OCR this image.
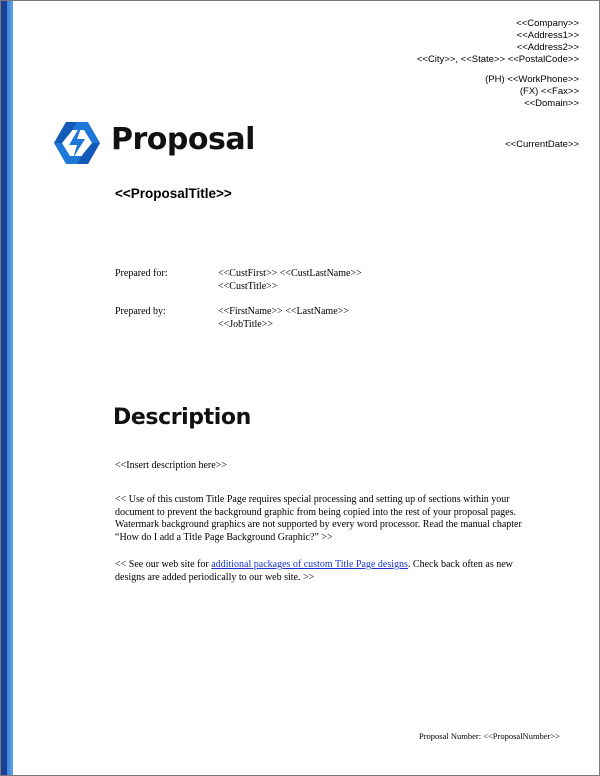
<<Company>>
<<Address1>>
<<Address2>>
<<City>>, <<State>> <<PostalCode>>
(PH) <<WorkPhone>>
(FX) <<Fax>>
<<Domain>>
Proposal	<<CurrentDate>>
<<ProposalTitle>>
Prepared for:	<<CustFirst>> <<CustLastName>>
<<CustTitle>>
Prepared by:	<<FirstName>> <<LastName>>
<<JobTitle>>
Description
<<Insert description here>>
<< Use of this custom Title Page requires special processing and setting up of sections within your document to prevent the background graphic from being copied into the rest of your proposal pages. Watermark background graphics are not supported by every word processor. Read the manual chapter “How do I add a Title Page Background Graphic?” >>
<< See our web site for additional packages of custom Title Page designs. Check back often as new designs are added periodically to our web site. >>
Proposal Number: <<ProposalNumber>>
